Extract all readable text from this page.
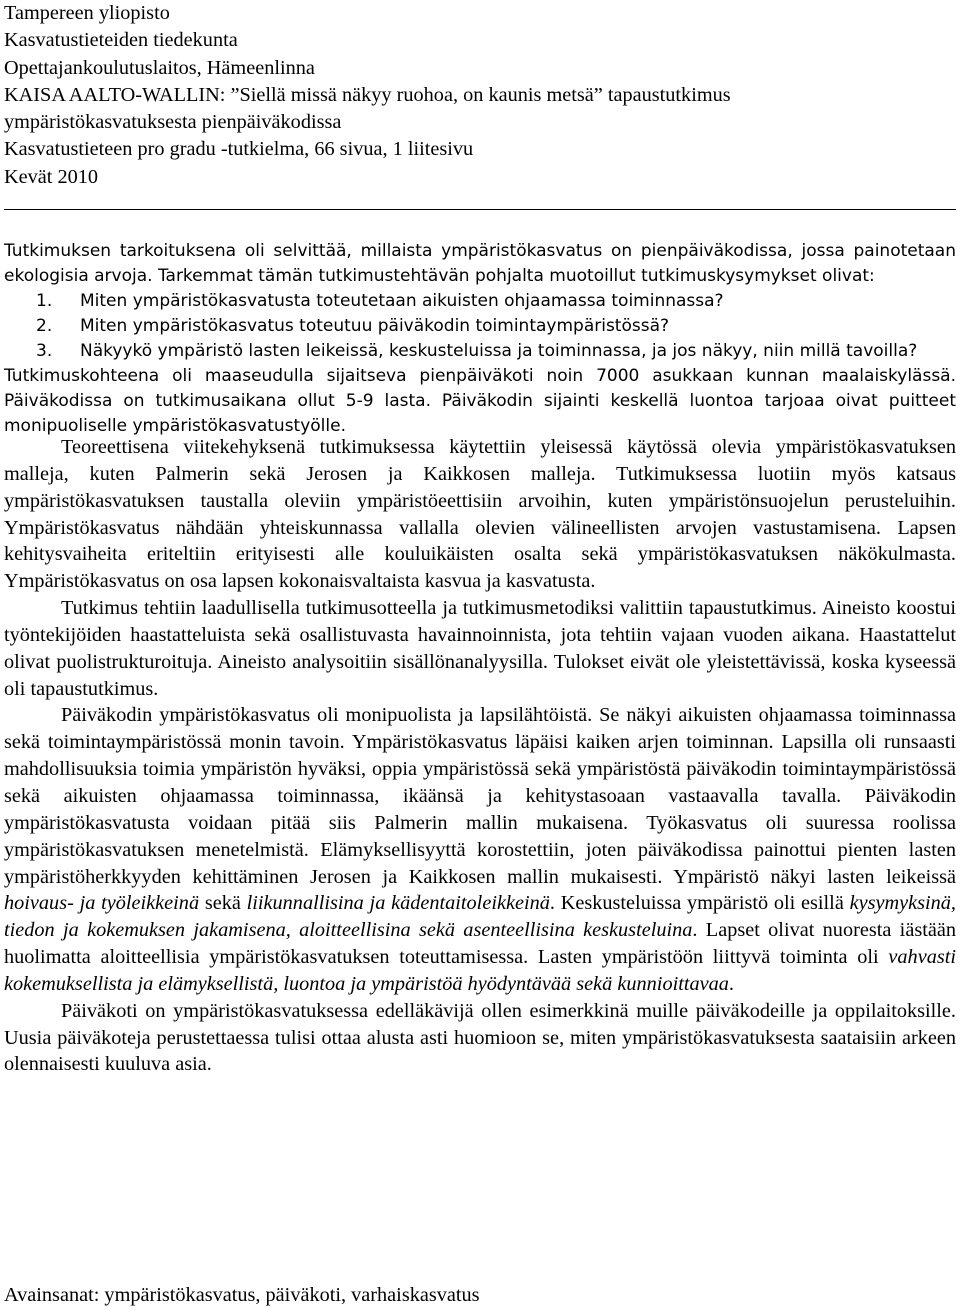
Tampereen yliopisto
Kasvatustieteiden tiedekunta
Opettajankoulutuslaitos, Hämeenlinna
KAISA AALTO-WALLIN: ”Siellä missä näkyy ruohoa, on kaunis metsä” tapaustutkimus
ympäristökasvatuksesta pienpäiväkodissa
Kasvatustieteen pro gradu -tutkielma, 66 sivua, 1 liitesivu
Kevät 2010

Tutkimuksen tarkoituksena oli selvittää, millaista ympäristökasvatus on pienpäiväkodissa, jossa painotetaan ekologisia arvoja. Tarkemmat tämän tutkimustehtävän pohjalta muotoillut tutkimuskysymykset olivat:

1. Miten ympäristökasvatusta toteutetaan aikuisten ohjaamassa toiminnassa?
2. Miten ympäristökasvatus toteutuu päiväkodin toimintaympäristössä?
3. Näkyykö ympäristö lasten leikeissä, keskusteluissa ja toiminnassa, ja jos näkyy, niin millä tavoilla?

Tutkimuskohteena oli maaseudulla sijaitseva pienpäiväkoti noin 7000 asukkaan kunnan maalaiskylässä. Päiväkodissa on tutkimusaikana ollut 5-9 lasta. Päiväkodin sijainti keskellä luontoa tarjoaa oivat puitteet monipuoliselle ympäristökasvatustyölle.

Teoreettisena viitekehyksenä tutkimuksessa käytettiin yleisessä käytössä olevia ympäristökasvatuksen malleja, kuten Palmerin sekä Jerosen ja Kaikkosen malleja. Tutkimuksessa luotiin myös katsaus ympäristökasvatuksen taustalla oleviin ympäristöeettisiin arvoihin, kuten ympäristönsuojelun perusteluihin. Ympäristökasvatus nähdään yhteiskunnassa vallalla olevien välineellisten arvojen vastustamisena. Lapsen kehitysvaiheita eriteltiin erityisesti alle kouluikäisten osalta sekä ympäristökasvatuksen näkökulmasta. Ympäristökasvatus on osa lapsen kokonaisvaltaista kasvua ja kasvatusta.

Tutkimus tehtiin laadullisella tutkimusotteella ja tutkimusmetodiksi valittiin tapaustutkimus. Aineisto koostui työntekijöiden haastatteluista sekä osallistuvasta havainnoinnista, jota tehtiin vajaan vuoden aikana. Haastattelut olivat puolistrukturoituja. Aineisto analysoitiin sisällönanalyysilla. Tulokset eivät ole yleistettävissä, koska kyseessä oli tapaustutkimus.

Päiväkodin ympäristökasvatus oli monipuolista ja lapsilähtöistä. Se näkyi aikuisten ohjaamassa toiminnassa sekä toimintaympäristössä monin tavoin. Ympäristökasvatus läpäisi kaiken arjen toiminnan. Lapsilla oli runsaasti mahdollisuuksia toimia ympäristön hyväksi, oppia ympäristössä sekä ympäristöstä päiväkodin toimintaympäristössä sekä aikuisten ohjaamassa toiminnassa, ikäänsä ja kehitystasoaan vastaavalla tavalla. Päiväkodin ympäristökasvatusta voidaan pitää siis Palmerin mallin mukaisena. Työkasvatus oli suuressa roolissa ympäristökasvatuksen menetelmistä. Elämyksellisyyttä korostettiin, joten päiväkodissa painottui pienten lasten ympäristöherkkyyden kehittäminen Jerosen ja Kaikkosen mallin mukaisesti. Ympäristö näkyi lasten leikeissä hoivaus- ja työleikkeinä sekä liikunnallisina ja kädentaitoleikkeinä. Keskusteluissa ympäristö oli esillä kysymyksinä, tiedon ja kokemuksen jakamisena, aloitteellisina sekä asenteellisina keskusteluina. Lapset olivat nuoresta iästään huolimatta aloitteellisia ympäristökasvatuksen toteuttamisessa. Lasten ympäristöön liittyvä toiminta oli vahvasti kokemuksellista ja elämyksellistä, luontoa ja ympäristöä hyödyntävää sekä kunnioittavaa.

Päiväkoti on ympäristökasvatuksessa edelläkävijä ollen esimerkkinä muille päiväkodeille ja oppilaitoksille. Uusia päiväkoteja perustettaessa tulisi ottaa alusta asti huomioon se, miten ympäristökasvatuksesta saataisiin arkeen olennaisesti kuuluva asia.

Avainsanat: ympäristökasvatus, päiväkoti, varhaiskasvatus
